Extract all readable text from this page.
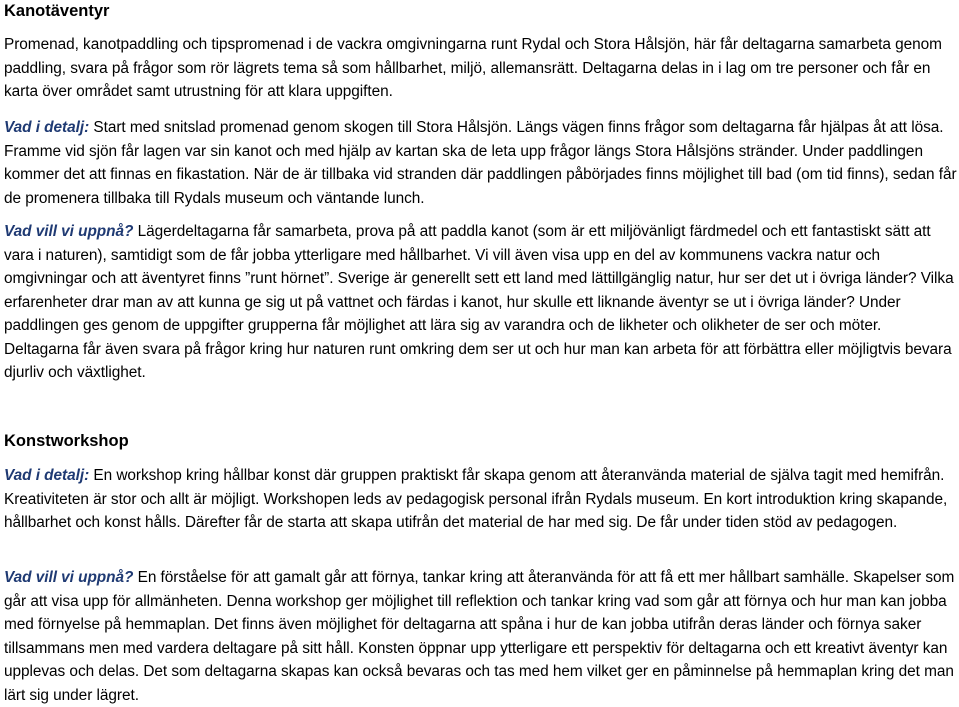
Kanotäventyr

Promenad, kanotpaddling och tipspromenad i de vackra omgivningarna runt Rydal och Stora Hålsjön, här får deltagarna samarbeta genom paddling, svara på frågor som rör lägrets tema så som hållbarhet, miljö, allemansrätt. Deltagarna delas in i lag om tre personer och får en karta över området samt utrustning för att klara uppgiften.

Vad i detalj: Start med snitslad promenad genom skogen till Stora Hålsjön. Längs vägen finns frågor som deltagarna får hjälpas åt att lösa. Framme vid sjön får lagen var sin kanot och med hjälp av kartan ska de leta upp frågor längs Stora Hålsjöns stränder. Under paddlingen kommer det att finnas en fikastation. När de är tillbaka vid stranden där paddlingen påbörjades finns möjlighet till bad (om tid finns), sedan får de promenera tillbaka till Rydals museum och väntande lunch.

Vad vill vi uppnå? Lägerdeltagarna får samarbeta, prova på att paddla kanot (som är ett miljövänligt färdmedel och ett fantastiskt sätt att vara i naturen), samtidigt som de får jobba ytterligare med hållbarhet. Vi vill även visa upp en del av kommunens vackra natur och omgivningar och att äventyret finns ”runt hörnet”. Sverige är generellt sett ett land med lättillgänglig natur, hur ser det ut i övriga länder? Vilka erfarenheter drar man av att kunna ge sig ut på vattnet och färdas i kanot, hur skulle ett liknande äventyr se ut i övriga länder? Under paddlingen ges genom de uppgifter grupperna får möjlighet att lära sig av varandra och de likheter och olikheter de ser och möter. Deltagarna får även svara på frågor kring hur naturen runt omkring dem ser ut och hur man kan arbeta för att förbättra eller möjligtvis bevara djurliv och växtlighet.

Konstworkshop

Vad i detalj: En workshop kring hållbar konst där gruppen praktiskt får skapa genom att återanvända material de själva tagit med hemifrån. Kreativiteten är stor och allt är möjligt. Workshopen leds av pedagogisk personal ifrån Rydals museum. En kort introduktion kring skapande, hållbarhet och konst hålls. Därefter får de starta att skapa utifrån det material de har med sig. De får under tiden stöd av pedagogen.

Vad vill vi uppnå? En förståelse för att gamalt går att förnya, tankar kring att återanvända för att få ett mer hållbart samhälle. Skapelser som går att visa upp för allmänheten. Denna workshop ger möjlighet till reflektion och tankar kring vad som går att förnya och hur man kan jobba med förnyelse på hemmaplan. Det finns även möjlighet för deltagarna att spåna i hur de kan jobba utifrån deras länder och förnya saker tillsammans men med vardera deltagare på sitt håll. Konsten öppnar upp ytterligare ett perspektiv för deltagarna och ett kreativt äventyr kan upplevas och delas. Det som deltagarna skapas kan också bevaras och tas med hem vilket ger en påminnelse på hemmaplan kring det man lärt sig under lägret.
